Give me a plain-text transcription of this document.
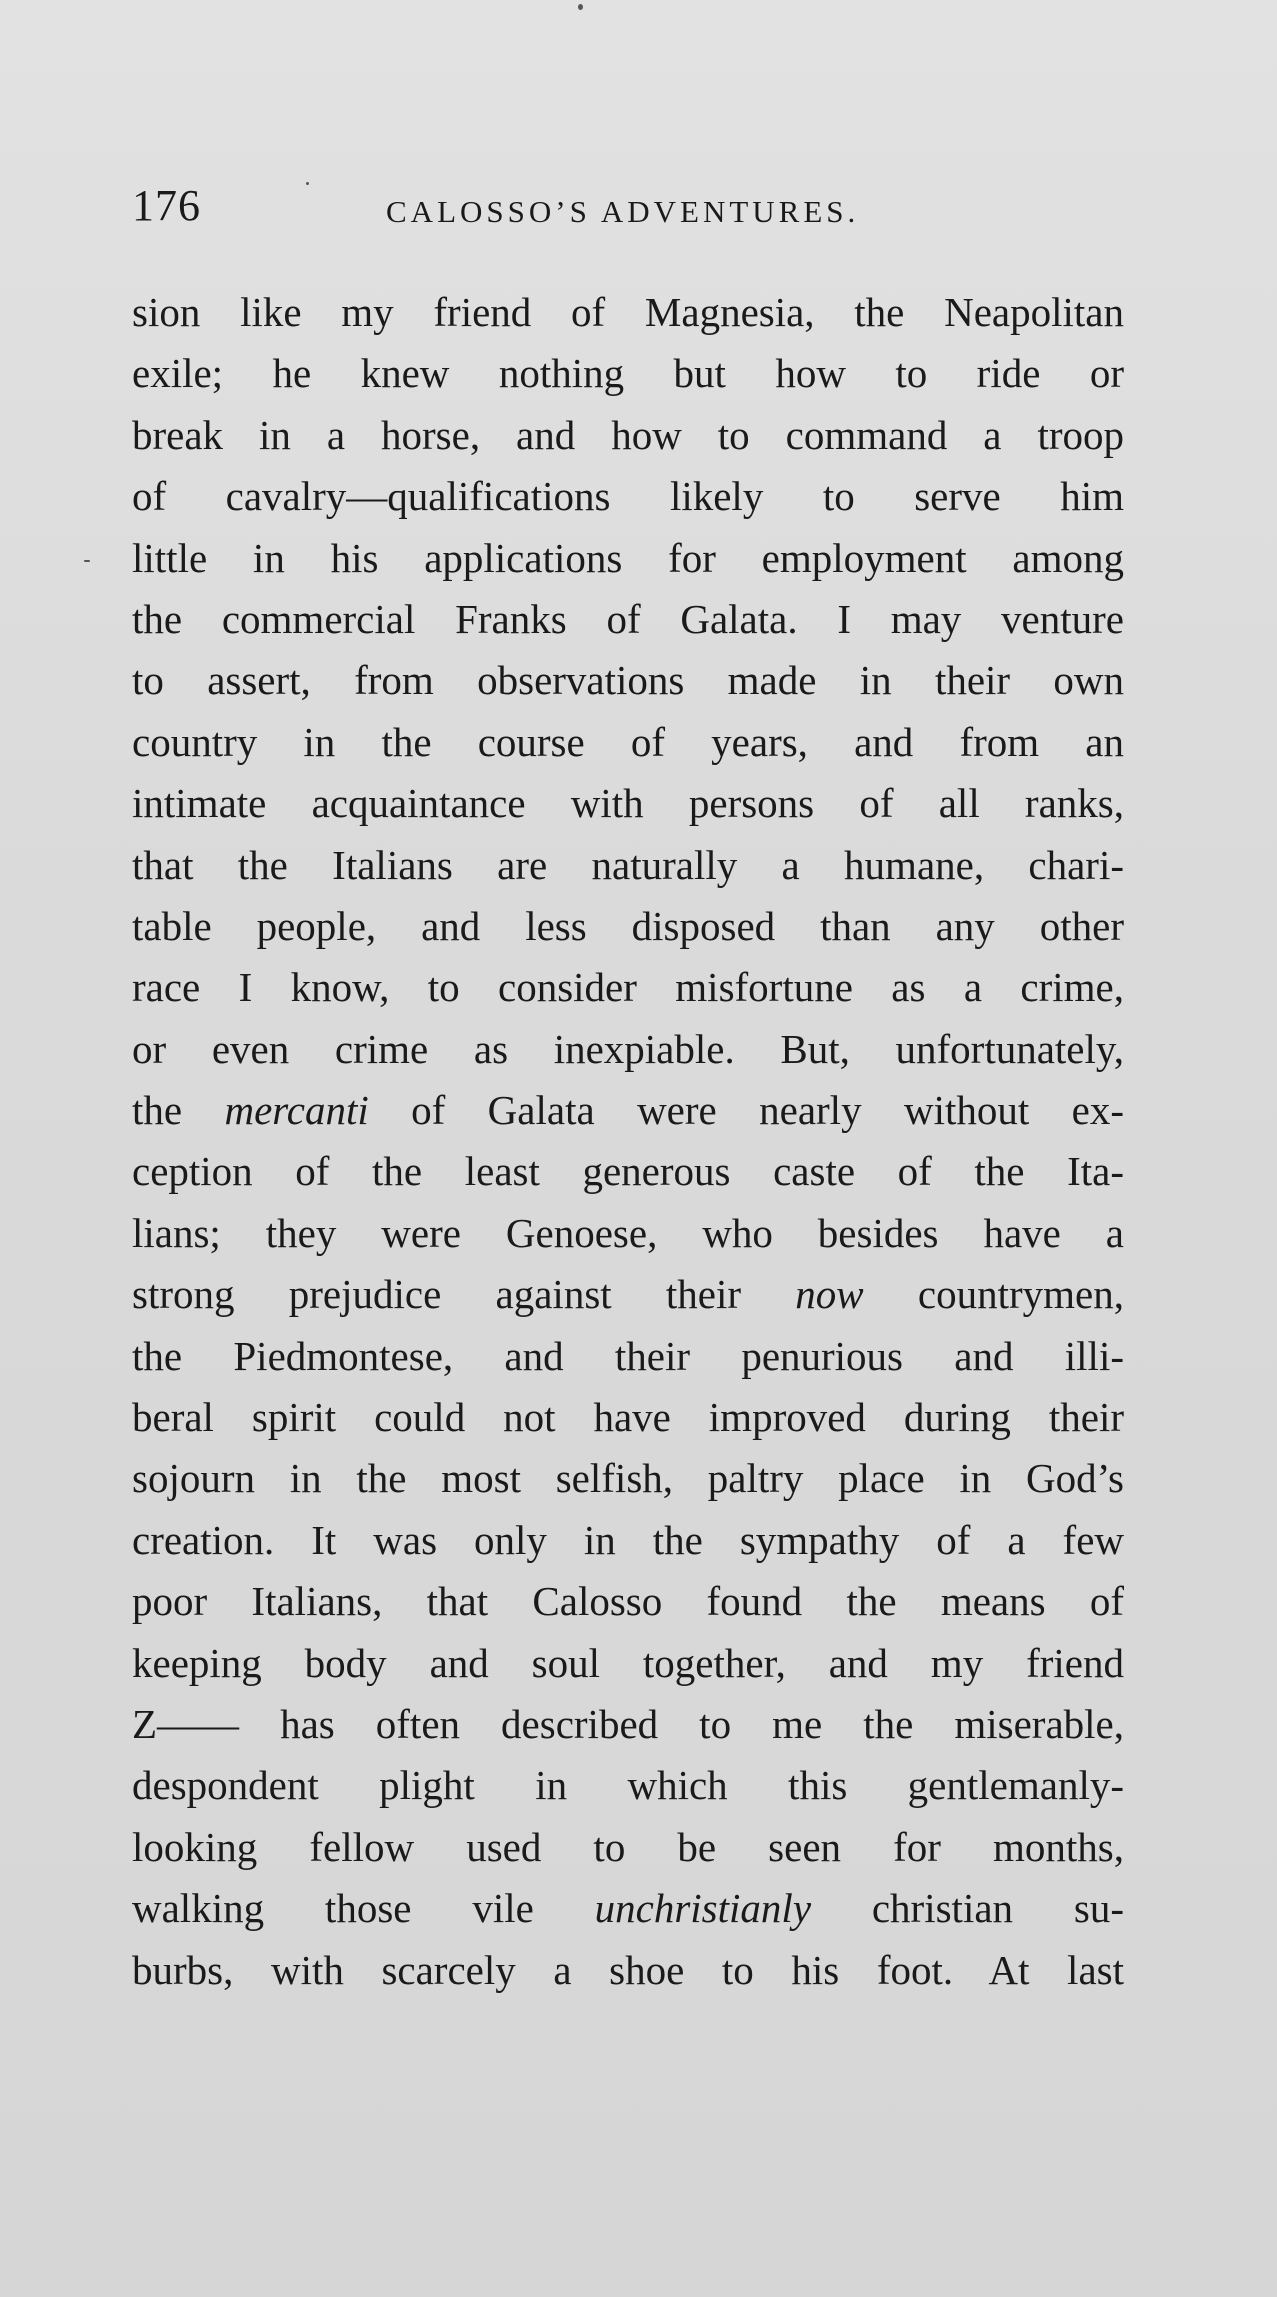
176	CALOSSO’S ADVENTURES.
sion like my friend of Magnesia, the Neapolitan
exile; he knew nothing but how to ride or
break in a horse, and how to command a troop
of cavalry—qualifications likely to serve him
little in his applications for employment among
the commercial Franks of Galata. I may venture
to assert, from observations made in their own
country in the course of years, and from an
intimate acquaintance with persons of all ranks,
that the Italians are naturally a humane, chari-
table people, and less disposed than any other
race I know, to consider misfortune as a crime,
or even crime as inexpiable. But, unfortunately,
the mercanti of Galata were nearly without ex-
ception of the least generous caste of the Ita-
lians; they were Genoese, who besides have a
strong prejudice against their now countrymen,
the Piedmontese, and their penurious and illi-
beral spirit could not have improved during their
sojourn in the most selfish, paltry place in God’s
creation. It was only in the sympathy of a few
poor Italians, that Calosso found the means of
keeping body and soul together, and my friend
Z—— has often described to me the miserable,
despondent plight in which this gentlemanly-
looking fellow used to be seen for months,
walking those vile unchristianly christian su-
burbs, with scarcely a shoe to his foot. At last
